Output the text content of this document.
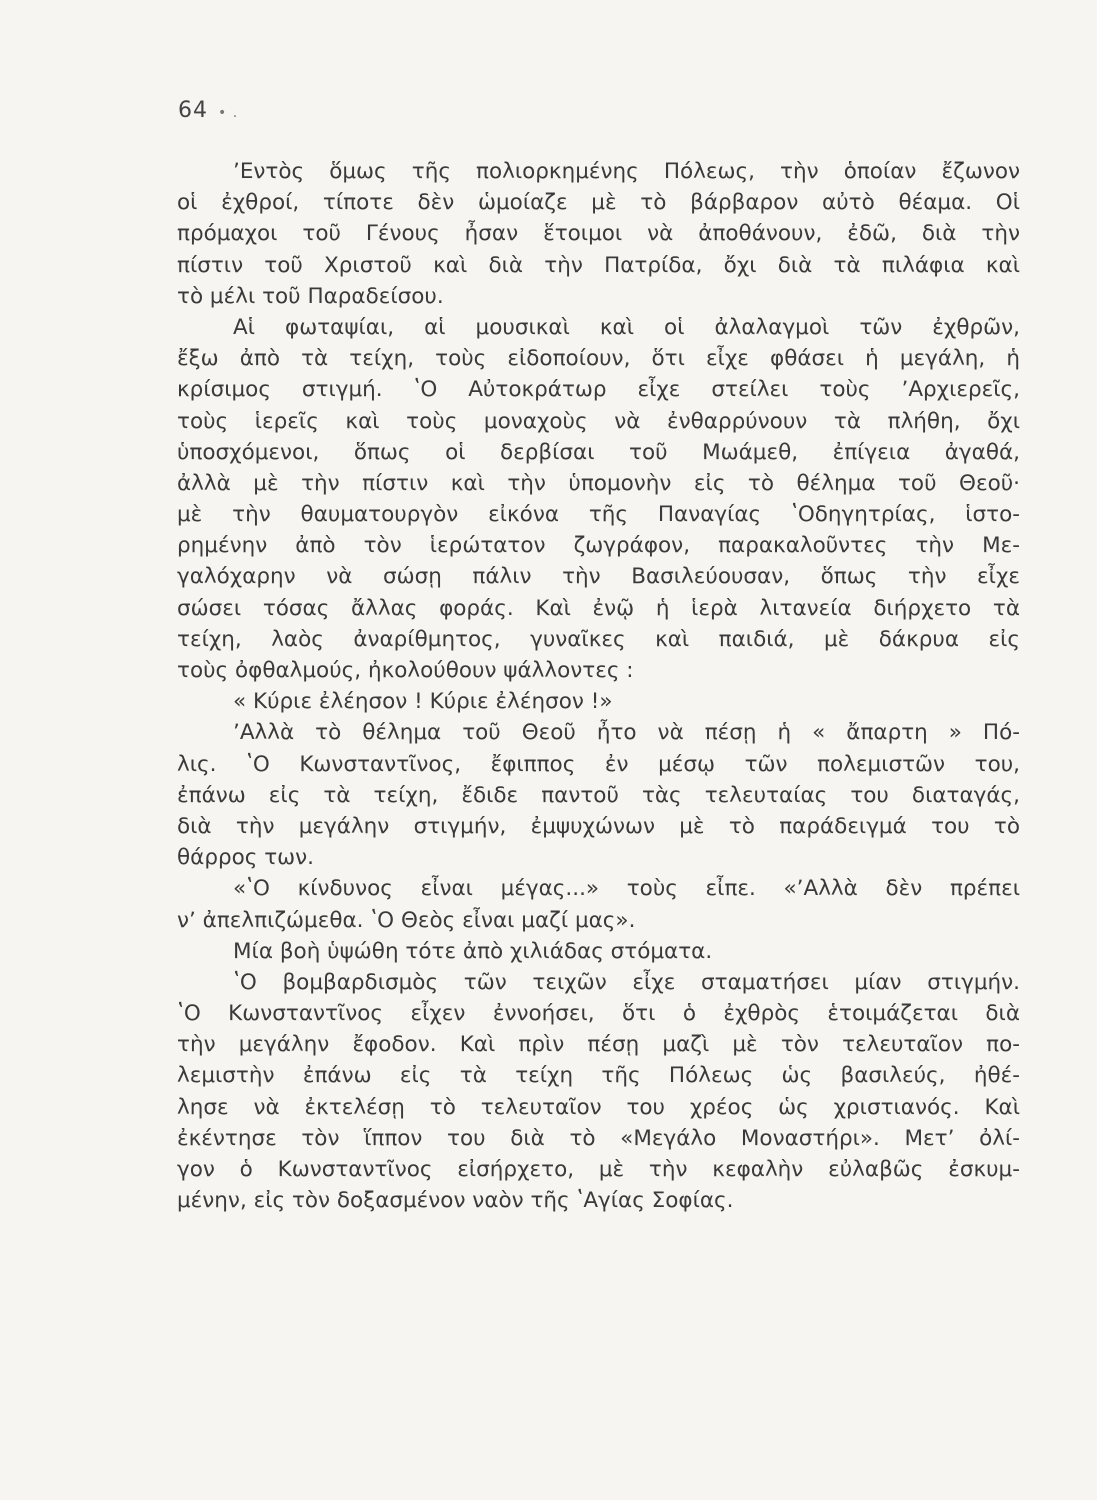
64 • .
ʼΕντὸς ὅμως τῆς πολιορκημένης Πόλεως, τὴν ὁποίαν ἔζωνον
οἱ ἐχθροί, τίποτε δὲν ὡμοίαζε μὲ τὸ βάρβαρον αὐτὸ θέαμα. Οἱ
πρόμαχοι τοῦ Γένους ἦσαν ἕτοιμοι νὰ ἀποθάνουν, ἐδῶ, διὰ τὴν
πίστιν τοῦ Χριστοῦ καὶ διὰ τὴν Πατρίδα, ὄχι διὰ τὰ πιλάφια καὶ
τὸ μέλι τοῦ Παραδείσου.
Αἱ φωταψίαι, αἱ μουσικαὶ καὶ οἱ ἀλαλαγμοὶ τῶν ἐχθρῶν,
ἔξω ἀπὸ τὰ τείχη, τοὺς εἰδοποίουν, ὅτι εἶχε φθάσει ἡ μεγάλη, ἡ
κρίσιμος στιγμή. ʽΟ Αὐτοκράτωρ εἶχε στείλει τοὺς ʼΑρχιερεῖς,
τοὺς ἱερεῖς καὶ τοὺς μοναχοὺς νὰ ἐνθαρρύνουν τὰ πλήθη, ὄχι
ὑποσχόμενοι, ὅπως οἱ δερβίσαι τοῦ Μωάμεθ, ἐπίγεια ἀγαθά,
ἀλλὰ μὲ τὴν πίστιν καὶ τὴν ὑπομονὴν εἰς τὸ θέλημα τοῦ Θεοῦ·
μὲ τὴν θαυματουργὸν εἰκόνα τῆς Παναγίας ʽΟδηγητρίας, ἱστο-
ρημένην ἀπὸ τὸν ἱερώτατον ζωγράφον, παρακαλοῦντες τὴν Με-
γαλόχαρην νὰ σώσῃ πάλιν τὴν Βασιλεύουσαν, ὅπως τὴν εἶχε
σώσει τόσας ἄλλας φοράς. Καὶ ἐνῷ ἡ ἱερὰ λιτανεία διήρχετο τὰ
τείχη, λαὸς ἀναρίθμητος, γυναῖκες καὶ παιδιά, μὲ δάκρυα εἰς
τοὺς ὀφθαλμούς, ἠκολούθουν ψάλλοντες :
« Κύριε ἐλέησον ! Κύριε ἐλέησον !»
ʼΑλλὰ τὸ θέλημα τοῦ Θεοῦ ἦτο νὰ πέσῃ ἡ « ἄπαρτη » Πό-
λις. ʽΟ Κωνσταντῖνος, ἔφιππος ἐν μέσῳ τῶν πολεμιστῶν του,
ἐπάνω εἰς τὰ τείχη, ἔδιδε παντοῦ τὰς τελευταίας του διαταγάς,
διὰ τὴν μεγάλην στιγμήν, ἐμψυχώνων μὲ τὸ παράδειγμά του τὸ
θάρρος των.
«ʽΟ κίνδυνος εἶναι μέγας...» τοὺς εἶπε. «ʼΑλλὰ δὲν πρέπει
νʼ ἀπελπιζώμεθα. ʽΟ Θεὸς εἶναι μαζί μας».
Μία βοὴ ὑψώθη τότε ἀπὸ χιλιάδας στόματα.
ʽΟ βομβαρδισμὸς τῶν τειχῶν εἶχε σταματήσει μίαν στιγμήν.
ʽΟ Κωνσταντῖνος εἶχεν ἐννοήσει, ὅτι ὁ ἐχθρὸς ἑτοιμάζεται διὰ
τὴν μεγάλην ἔφοδον. Καὶ πρὶν πέσῃ μαζὶ μὲ τὸν τελευταῖον πο-
λεμιστὴν ἐπάνω εἰς τὰ τείχη τῆς Πόλεως ὡς βασιλεύς, ἠθέ-
λησε νὰ ἐκτελέσῃ τὸ τελευταῖον του χρέος ὡς χριστιανός. Καὶ
ἐκέντησε τὸν ἵππον του διὰ τὸ «Μεγάλο Μοναστήρι». Μετʼ ὀλί-
γον ὁ Κωνσταντῖνος εἰσήρχετο, μὲ τὴν κεφαλὴν εὐλαβῶς ἐσκυμ-
μένην, εἰς τὸν δοξασμένον ναὸν τῆς ʽΑγίας Σοφίας.
